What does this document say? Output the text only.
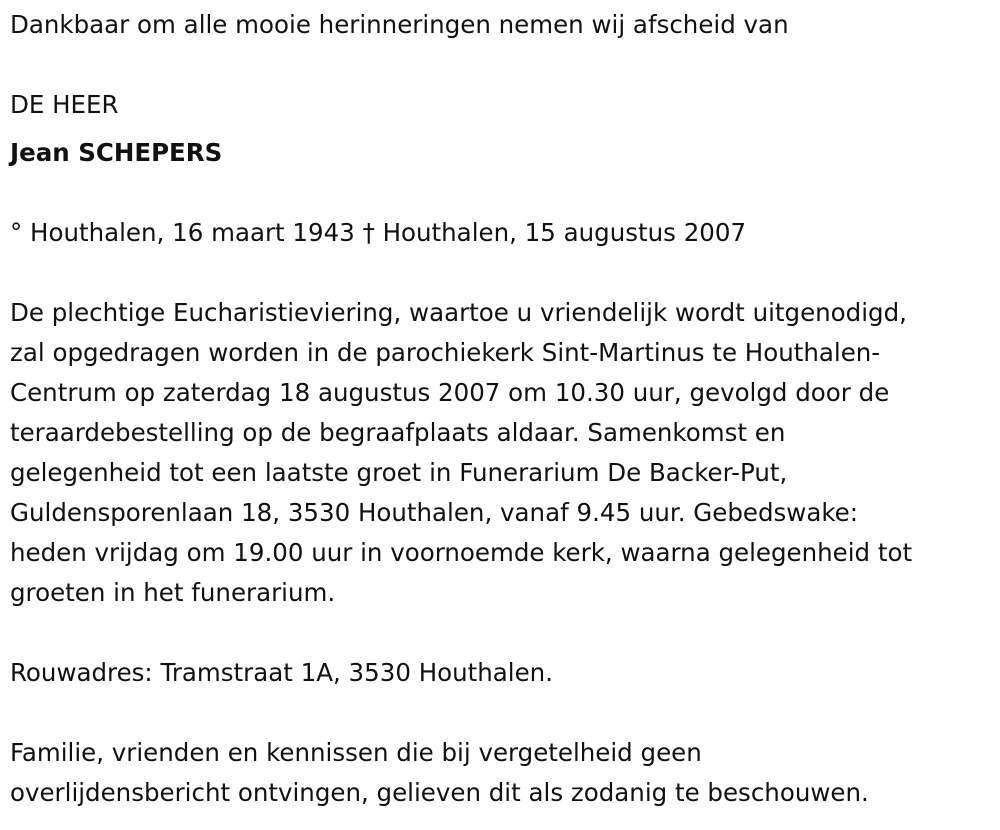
Dankbaar om alle mooie herinneringen nemen wij afscheid van
DE HEER
Jean SCHEPERS
° Houthalen, 16 maart 1943 † Houthalen, 15 augustus 2007
De plechtige Eucharistieviering, waartoe u vriendelijk wordt uitgenodigd,
zal opgedragen worden in de parochiekerk Sint-Martinus te Houthalen-
Centrum op zaterdag 18 augustus 2007 om 10.30 uur, gevolgd door de
teraardebestelling op de begraafplaats aldaar. Samenkomst en
gelegenheid tot een laatste groet in Funerarium De Backer-Put,
Guldensporenlaan 18, 3530 Houthalen, vanaf 9.45 uur. Gebedswake:
heden vrijdag om 19.00 uur in voornoemde kerk, waarna gelegenheid tot
groeten in het funerarium.
Rouwadres: Tramstraat 1A, 3530 Houthalen.
Familie, vrienden en kennissen die bij vergetelheid geen
overlijdensbericht ontvingen, gelieven dit als zodanig te beschouwen.
